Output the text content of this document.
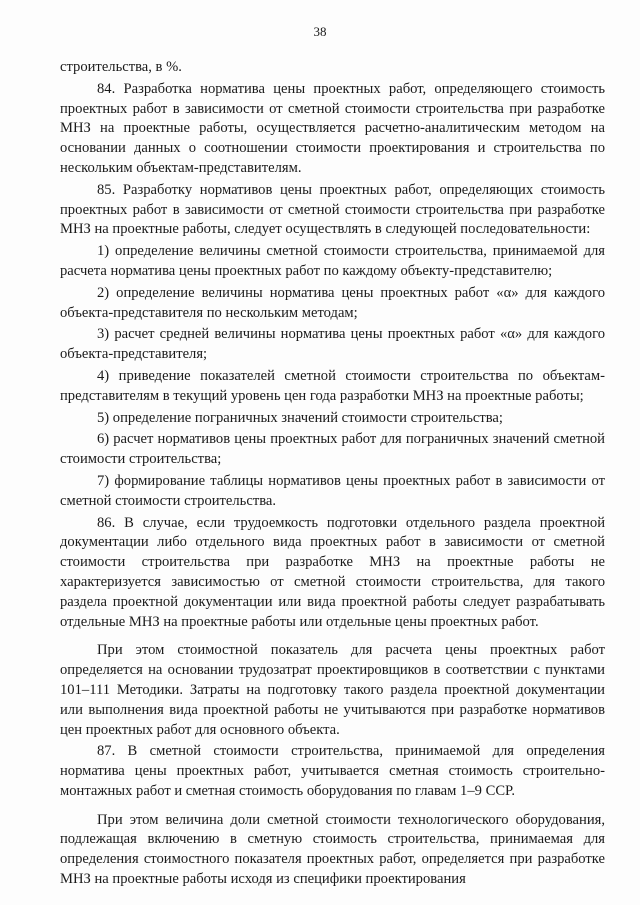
38

строительства, в %.

84. Разработка норматива цены проектных работ, определяющего стоимость проектных работ в зависимости от сметной стоимости строительства при разработке МНЗ на проектные работы, осуществляется расчетно-аналитическим методом на основании данных о соотношении стоимости проектирования и строительства по нескольким объектам-представителям.

85. Разработку нормативов цены проектных работ, определяющих стоимость проектных работ в зависимости от сметной стоимости строительства при разработке МНЗ на проектные работы, следует осуществлять в следующей последовательности:

1) определение величины сметной стоимости строительства, принимаемой для расчета норматива цены проектных работ по каждому объекту-представителю;

2) определение величины норматива цены проектных работ «α» для каждого объекта-представителя по нескольким методам;

3) расчет средней величины норматива цены проектных работ «α» для каждого объекта-представителя;

4) приведение показателей сметной стоимости строительства по объектам-представителям в текущий уровень цен года разработки МНЗ на проектные работы;

5) определение пограничных значений стоимости строительства;

6) расчет нормативов цены проектных работ для пограничных значений сметной стоимости строительства;

7) формирование таблицы нормативов цены проектных работ в зависимости от сметной стоимости строительства.

86. В случае, если трудоемкость подготовки отдельного раздела проектной документации либо отдельного вида проектных работ в зависимости от сметной стоимости строительства при разработке МНЗ на проектные работы не характеризуется зависимостью от сметной стоимости строительства, для такого раздела проектной документации или вида проектной работы следует разрабатывать отдельные МНЗ на проектные работы или отдельные цены проектных работ.

При этом стоимостной показатель для расчета цены проектных работ определяется на основании трудозатрат проектировщиков в соответствии с пунктами 101–111 Методики. Затраты на подготовку такого раздела проектной документации или выполнения вида проектной работы не учитываются при разработке нормативов цен проектных работ для основного объекта.

87. В сметной стоимости строительства, принимаемой для определения норматива цены проектных работ, учитывается сметная стоимость строительно-монтажных работ и сметная стоимость оборудования по главам 1–9 ССР.

При этом величина доли сметной стоимости технологического оборудования, подлежащая включению в сметную стоимость строительства, принимаемая для определения стоимостного показателя проектных работ, определяется при разработке МНЗ на проектные работы исходя из специфики проектирования
